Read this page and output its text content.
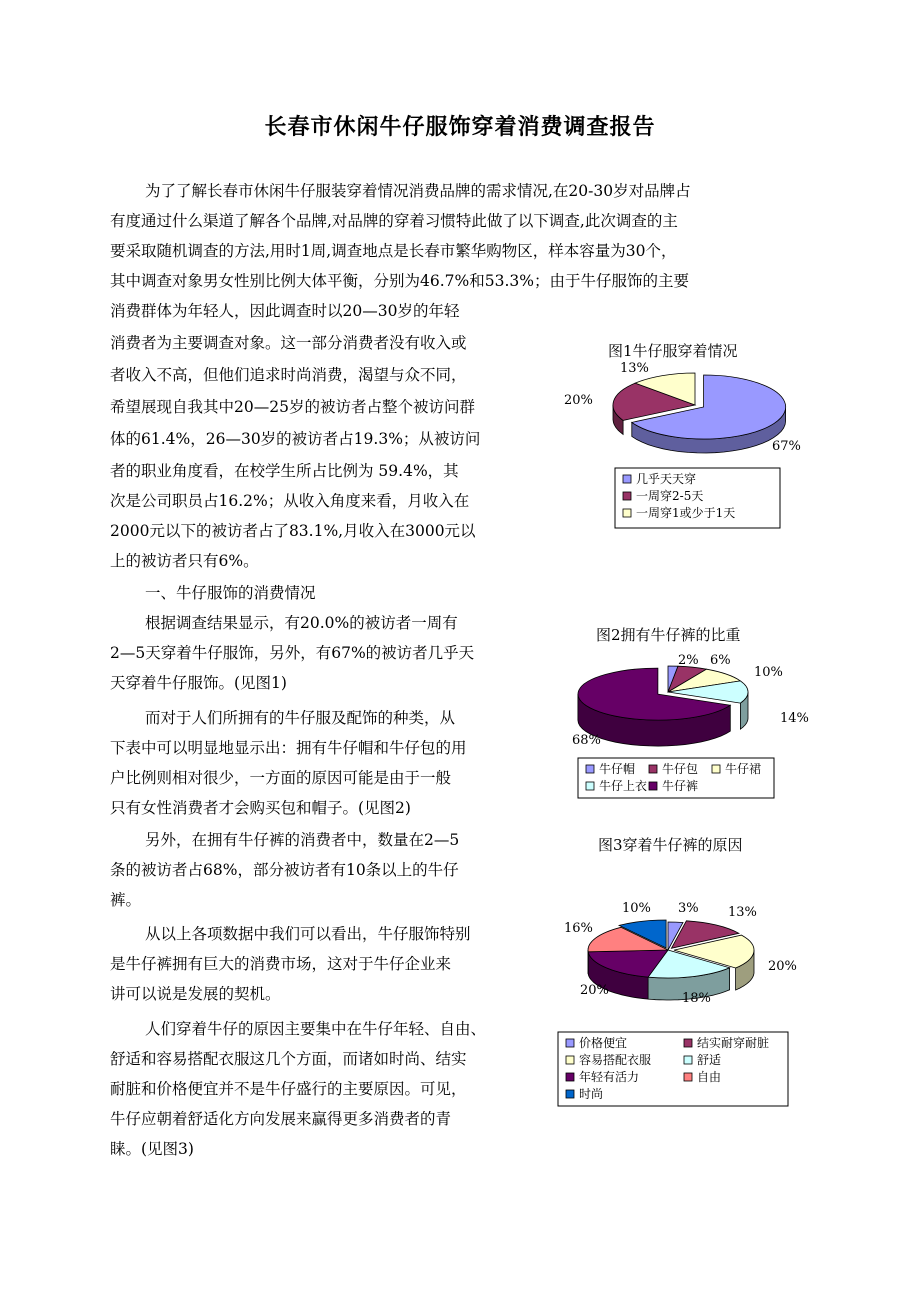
长春市休闲牛仔服饰穿着消费调查报告
为了了解长春市休闲牛仔服装穿着情况消费品牌的需求情况,在20-30岁对品牌占
有度通过什么渠道了解各个品牌,对品牌的穿着习惯特此做了以下调查,此次调查的主
要采取随机调查的方法,用时1周,调查地点是长春市繁华购物区，样本容量为30个，
其中调查对象男女性别比例大体平衡，分别为46.7%和53.3%；由于牛仔服饰的主要
消费群体为年轻人，因此调查时以20—30岁的年轻
消费者为主要调查对象。这一部分消费者没有收入或
者收入不高，但他们追求时尚消费，渴望与众不同，
希望展现自我其中20—25岁的被访者占整个被访问群
体的61.4%，26—30岁的被访者占19.3%；从被访问
者的职业角度看，在校学生所占比例为 59.4%，其
次是公司职员占16.2%；从收入角度来看，月收入在
2000元以下的被访者占了83.1%,月收入在3000元以
上的被访者只有6%。
一、牛仔服饰的消费情况
根据调查结果显示，有20.0%的被访者一周有
2—5天穿着牛仔服饰，另外，有67%的被访者几乎天
天穿着牛仔服饰。(见图1)
而对于人们所拥有的牛仔服及配饰的种类，从
下表中可以明显地显示出：拥有牛仔帽和牛仔包的用
户比例则相对很少，一方面的原因可能是由于一般
只有女性消费者才会购买包和帽子。(见图2)
另外，在拥有牛仔裤的消费者中，数量在2—5
条的被访者占68%，部分被访者有10条以上的牛仔
裤。
从以上各项数据中我们可以看出，牛仔服饰特别
是牛仔裤拥有巨大的消费市场，这对于牛仔企业来
讲可以说是发展的契机。
人们穿着牛仔的原因主要集中在牛仔年轻、自由、
舒适和容易搭配衣服这几个方面，而诸如时尚、结实
耐脏和价格便宜并不是牛仔盛行的主要原因。可见，
牛仔应朝着舒适化方向发展来赢得更多消费者的青
睐。(见图3)
图1牛仔服穿着情况
图2拥有牛仔裤的比重
图3穿着牛仔裤的原因
67%
20%
13%
几乎天天穿
一周穿2-5天
一周穿1或少于1天
2% 6%
10%
14%
68%
牛仔帽 牛仔包 牛仔裙
牛仔上衣 牛仔裤
3% 13%
20%
18%
20%
16%
10%
价格便宜	结实耐穿耐脏
容易搭配衣服	舒适
年轻有活力	自由
时尚
